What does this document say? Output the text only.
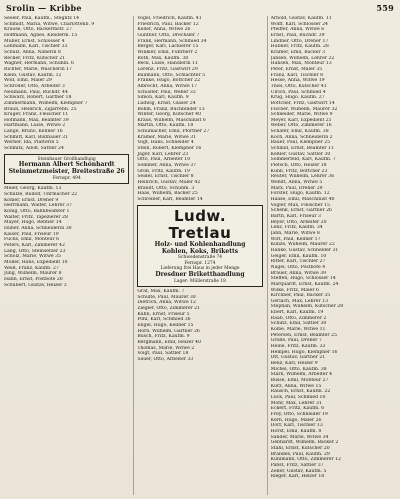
Srolin — Kribbe	559
Seeler, Paul, Kaufm., Steglitz 14
Schmidt, Maria, Witwe, Charlottenb. 9
Krause, Otto, Bäckermstr. 27
Hoffmann, Agnes, Kleiderm. 15
Müller, Ernst, Schlosser 4
Lehmann, Karl, Tischler 33
Schulz, Anna, Näherin 8
Becker, Fritz, Kutscher 21
Wagner, Hermann, Schuhm. 6
Richter, Marie, Wäscherin 17
Klein, Gustav, Kaufm. 12
Wolf, Emil, Maler 29
Schröder, Otto, Arbeiter 3
Neumann, Paul, Buchdr. 44
Schwarz, Robert, Gärtner 18
Zimmermann, Wilhelm, Klempner 7
Braun, Heinrich, Zigarrenh. 25
Krüger, Franz, Fleischer 11
Hofmann, Max, Beamter 39
Hartmann, Luise, Witwe 2
Lange, Bruno, Kellner 16
Schmitt, Karl, Bildhauer 31
Werner, Ida, Plätterin 5
Schmitz, Adolf, Sattler 24
Steinhauer Großhandlung
Hermann Albert Schönhardt
Steinmetzmeister, Breitestraße 26
Fernspr. 494
Meier, Georg, Kaufm. 13
Schulze, Rudolf, Uhrmacher 22
Köhler, Ernst, Dreher 9
Herrmann, Walter, Lehrer 37
König, Otto, Bahnbeamter 1
Walter, Fritz, Tapezierer 28
Mayer, Hugo, Rentier 14
Huber, Anna, Schneiderin 30
Kaiser, Paul, Friseur 19
Fuchs, Emil, Monteur 6
Peters, Karl, Zimmerer 42
Lang, Otto, Steinsetzer 23
Scholz, Marie, Witwe 35
Möller, Hans, Expedient 10
Weiß, Franz, Kaufm. 27
Jung, Wilhelm, Maurer 8
Hahn, Ernst, Postbote 20
Schubert, Gustav, Heizer 3
Vogel, Friedrich, Kaufm. 41
Friedrich, Paul, Bäcker 12
Keller, Anna, Witwe 26
Günther, Otto, Drechsler 7
Frank, Hermann, Schmied 34
Berger, Karl, Lackierer 15
Winkler, Emil, Fuhrherr 2
Roth, Max, Kaufm. 38
Beck, Luise, Händlerin 11
Lorenz, Fritz, Gastwirt 29
Baumann, Otto, Schlächter 5
Franke, Hugo, Böttcher 22
Albrecht, Anna, Witwe 17
Schuster, Paul, Weber 33
Simon, Karl, Kaufm. 9
Ludwig, Ernst, Glaser 24
Böhm, Franz, Buchbinder 13
Winter, Georg, Kutscher 40
Kraus, Wilhelm, Maschinist 6
Martin, Otto, Kaufm. 18
Schumacher, Emil, Pförtner 27
Krämer, Marie, Witwe 31
Vogt, Hans, Schneider 4
Stein, Robert, Klempner 16
Jäger, Karl, Lehrer 23
Otto, Paul, Arbeiter 10
Sommer, Anna, Witwe 37
Groß, Fritz, Kaufm. 19
Seidel, Ernst, Tischler 8
Heinrich, Gustav, Maler 42
Brandt, Otto, Schuhm. 3
Haas, Wilhelm, Bäcker 25
Schreiber, Karl, Beamter 14
Ludw. Tretlau
Holz- und Kohlenhandlung
Kohlen, Koks, Briketts
Schwedenstraße 74
Fernspr. 1274
Lieferung frei Haus in jeder Menge
Dresdner Briketthandlung
Lager: Müllerstraße 18
Graf, Max, Kaufm. 7
Schulte, Paul, Maurer 30
Dietrich, Anna, Witwe 12
Ziegler, Otto, Zimmerer 21
Kuhn, Ernst, Friseur 5
Pohl, Karl, Schmied 36
Engel, Hugo, Kellner 15
Horn, Wilhelm, Gärtner 26
Busch, Fritz, Kaufm. 9
Bergmann, Emil, Heizer 40
Thomas, Marie, Witwe 2
Voigt, Paul, Sattler 18
Sauer, Otto, Arbeiter 33
Arnold, Gustav, Kaufm. 11
Wolff, Karl, Schlosser 24
Pfeiffer, Anna, Witwe 6
Ernst, Paul, Buchdr. 39
Lindner, Otto, Dreher 17
Hübner, Fritz, Kaufm. 28
Kramer, Emil, Bäcker 3
Jansen, Wilhelm, Lehrer 22
Hansen, Max, Monteur 13
Peter, Ernst, Maler 35
Franz, Karl, Tischler 8
Hesse, Anna, Witwe 19
Thiel, Otto, Kutscher 41
Ulrich, Paul, Schmied 4
Krug, Hugo, Kaufm. 27
Böttcher, Fritz, Gastwirt 14
Fischer, Wilhelm, Maurer 32
Schneider, Marie, Witwe 9
Meyer, Karl, Expedient 21
Weber, Otto, Zimmerer 16
Schäfer, Emil, Kaufm. 38
Koch, Anna, Schneiderin 2
Bauer, Paul, Klempner 25
Schmid, Ernst, Beamter 11
Keßler, Gustav, Sattler 30
Sommerfeld, Karl, Kaufm. 7
Pietsch, Otto, Heizer 18
Kühn, Fritz, Böttcher 23
Reuter, Wilhelm, Lehrer 36
Wendt, Anna, Witwe 5
Marx, Paul, Dreher 29
Förster, Hugo, Kaufm. 12
Haase, Emil, Maschinist 40
Vogler, Max, Fleischer 15
Schenk, Ernst, Gärtner 26
Barth, Karl, Friseur 3
Beyer, Otto, Arbeiter 20
Lenz, Fritz, Kaufm. 34
Jahn, Marie, Witwe 8
Witt, Paul, Kellner 17
Kunze, Wilhelm, Maurer 22
Hanke, Gustav, Schneider 31
Geiger, Emil, Kaufm. 10
Ritter, Karl, Tischler 27
Nagel, Otto, Postbote 4
Brauer, Anna, Witwe 39
Steffen, Hugo, Schlosser 14
Marquardt, Ernst, Kaufm. 24
Wilke, Fritz, Maler 6
Kirchner, Paul, Bäcker 35
Gerlach, Max, Lehrer 13
Stephan, Wilhelm, Kutscher 28
Ebert, Karl, Kaufm. 19
Raab, Otto, Zimmerer 2
Schütz, Emil, Sattler 30
Kolbe, Marie, Witwe 11
Petersen, Ernst, Beamter 25
Große, Paul, Dreher 7
Heine, Fritz, Kaufm. 33
Hempel, Hugo, Klempner 16
Ott, Gustav, Gärtner 21
Benz, Karl, Heizer 9
Michel, Otto, Kaufm. 38
Stark, Wilhelm, Arbeiter 4
Busse, Emil, Monteur 27
Kurz, Anna, Witwe 15
Rausch, Ernst, Kaufm. 22
Lück, Paul, Schmied 10
Mohr, Max, Lehrer 31
Eckert, Fritz, Kaufm. 6
Frey, Otto, Schneider 19
Kern, Hugo, Maler 26
Dörr, Karl, Tischler 13
Horst, Emil, Kaufm. 8
Sander, Marie, Witwe 34
Gebhardt, Wilhelm, Bäcker 2
Stahl, Ernst, Kutscher 20
Brandes, Paul, Kaufm. 29
Kuhlmann, Otto, Zimmerer 12
Pabst, Fritz, Sattler 37
Zeller, Gustav, Kaufm. 5
Rieger, Karl, Heizer 18
